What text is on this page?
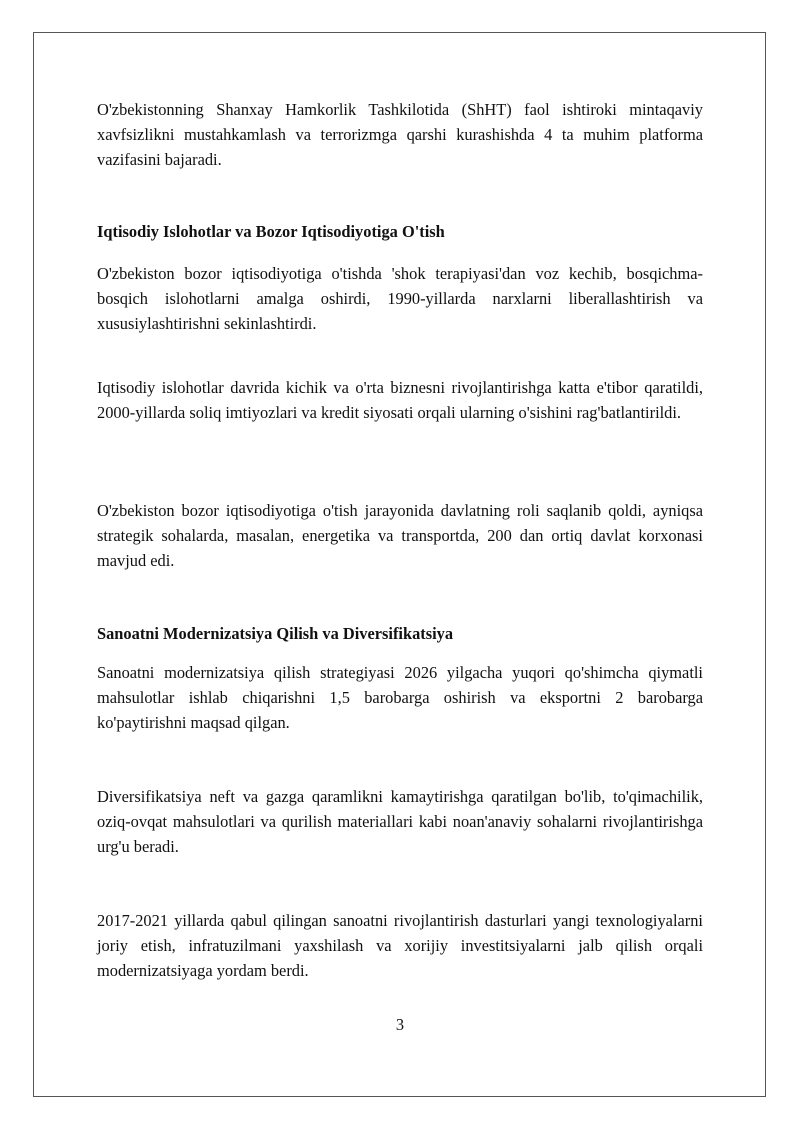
O'zbekistonning Shanxay Hamkorlik Tashkilotida (ShHT) faol ishtiroki mintaqaviy xavfsizlikni mustahkamlash va terrorizmga qarshi kurashishda 4 ta muhim platforma vazifasini bajaradi.

Iqtisodiy Islohotlar va Bozor Iqtisodiyotiga O'tish

O'zbekiston bozor iqtisodiyotiga o'tishda 'shok terapiyasi'dan voz kechib, bosqichma-bosqich islohotlarni amalga oshirdi, 1990-yillarda narxlarni liberallashtirish va xususiylashtirishni sekinlashtirdi.

Iqtisodiy islohotlar davrida kichik va o'rta biznesni rivojlantirishga katta e'tibor qaratildi, 2000-yillarda soliq imtiyozlari va kredit siyosati orqali ularning o'sishini rag'batlantirildi.

O'zbekiston bozor iqtisodiyotiga o'tish jarayonida davlatning roli saqlanib qoldi, ayniqsa strategik sohalarda, masalan, energetika va transportda, 200 dan ortiq davlat korxonasi mavjud edi.

Sanoatni Modernizatsiya Qilish va Diversifikatsiya

Sanoatni modernizatsiya qilish strategiyasi 2026 yilgacha yuqori qo'shimcha qiymatli mahsulotlar ishlab chiqarishni 1,5 barobarga oshirish va eksportni 2 barobarga ko'paytirishni maqsad qilgan.

Diversifikatsiya neft va gazga qaramlikni kamaytirishga qaratilgan bo'lib, to'qimachilik, oziq-ovqat mahsulotlari va qurilish materiallari kabi noan'anaviy sohalarni rivojlantirishga urg'u beradi.

2017-2021 yillarda qabul qilingan sanoatni rivojlantirish dasturlari yangi texnologiyalarni joriy etish, infratuzilmani yaxshilash va xorijiy investitsiyalarni jalb qilish orqali modernizatsiyaga yordam berdi.

3
